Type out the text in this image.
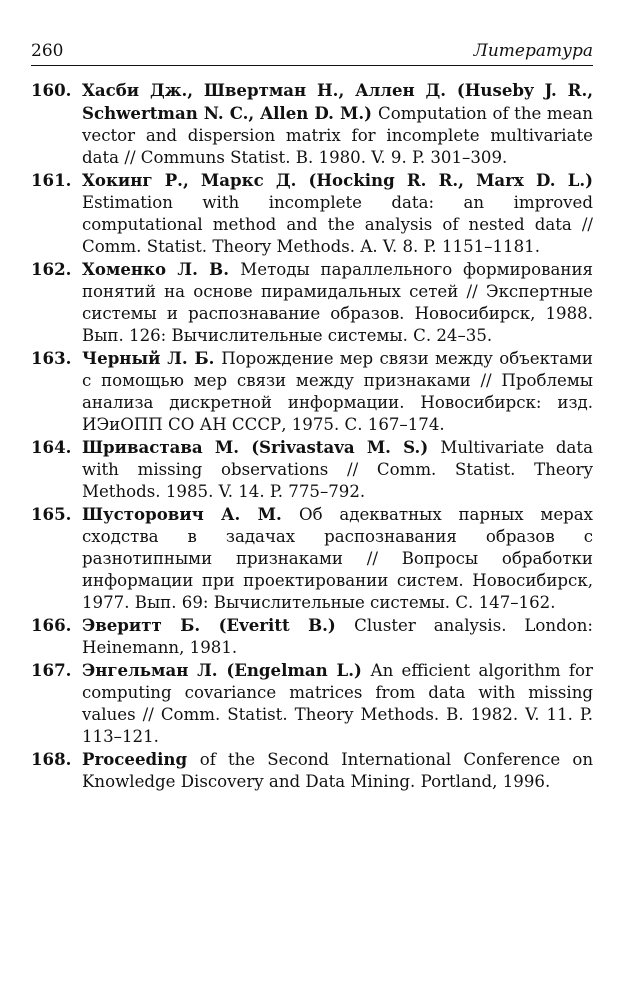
260	Литература
160. Хасби Дж., Швертман Н., Аллен Д. (Huseby J. R., Schwertman N. C., Allen D. M.) Computation of the mean vector and dispersion matrix for incomplete multivariate data // Communs Statist. B. 1980. V. 9. P. 301–309.
161. Хокинг Р., Маркс Д. (Hocking R. R., Marx D. L.) Estimation with incomplete data: an improved computational method and the analysis of nested data // Comm. Statist. Theory Methods. A. V. 8. P. 1151–1181.
162. Хоменко Л. В. Методы параллельного формирования понятий на основе пирамидальных сетей // Экспертные системы и распознавание образов. Новосибирск, 1988. Вып. 126: Вычислительные системы. С. 24–35.
163. Черный Л. Б. Порождение мер связи между объектами с помощью мер связи между признаками // Проблемы анализа дискретной информации. Новосибирск: изд. ИЭиОПП СО АН СССР, 1975. С. 167–174.
164. Шривастава М. (Srivastava M. S.) Multivariate data with missing observations // Comm. Statist. Theory Methods. 1985. V. 14. P. 775–792.
165. Шусторович А. М. Об адекватных парных мерах сходства в задачах распознавания образов с разнотипными признаками // Вопросы обработки информации при проектировании систем. Новосибирск, 1977. Вып. 69: Вычислительные системы. С. 147–162.
166. Эверитт Б. (Everitt B.) Cluster analysis. London: Heinemann, 1981.
167. Энгельман Л. (Engelman L.) An efficient algorithm for computing covariance matrices from data with missing values // Comm. Statist. Theory Methods. B. 1982. V. 11. P. 113–121.
168. Proceeding of the Second International Conference on Knowledge Discovery and Data Mining. Portland, 1996.
